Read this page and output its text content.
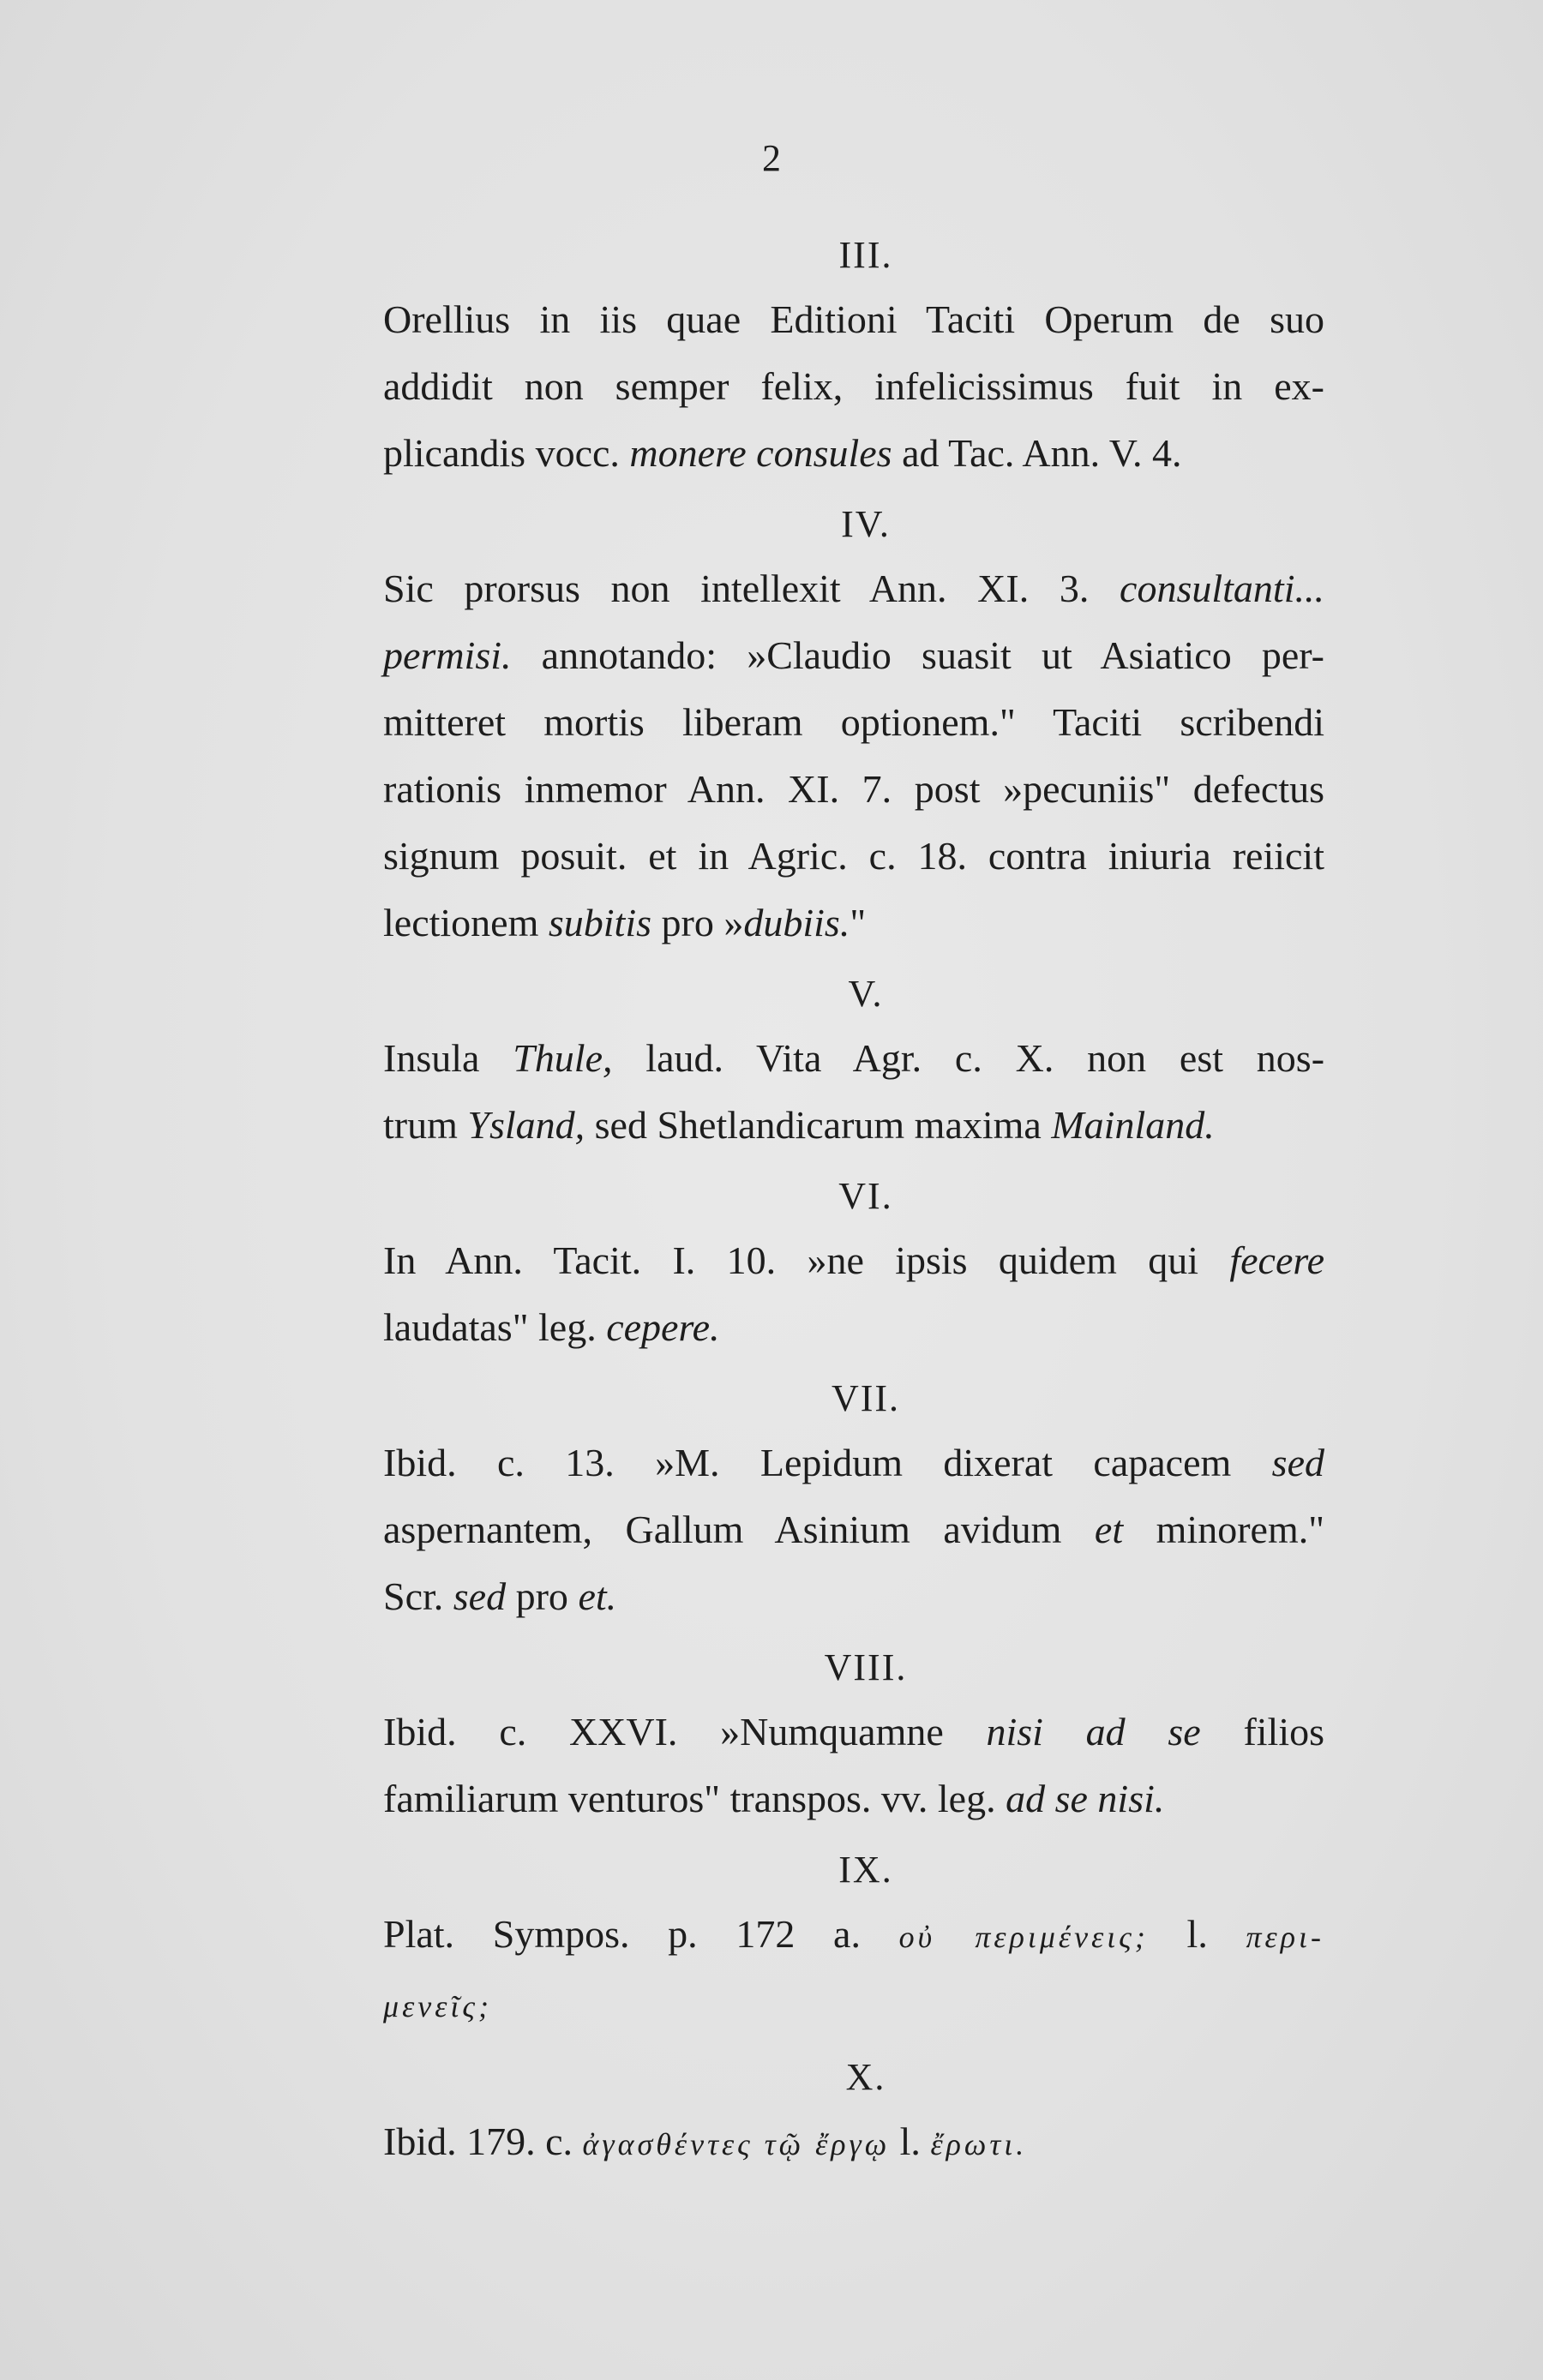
2
III.
Orellius in iis quae Editioni Taciti Operum de suo
addidit non semper felix, infelicissimus fuit in ex-
plicandis vocc. monere consules ad Tac. Ann. V. 4.
IV.
Sic prorsus non intellexit Ann. XI. 3. consultanti...
permisi. annotando: »Claudio suasit ut Asiatico per-
mitteret mortis liberam optionem." Taciti scribendi
rationis inmemor Ann. XI. 7. post »pecuniis" defectus
signum posuit. et in Agric. c. 18. contra iniuria reiicit
lectionem subitis pro »dubiis."
V.
Insula Thule, laud. Vita Agr. c. X. non est nos-
trum Ysland, sed Shetlandicarum maxima Mainland.
VI.
In Ann. Tacit. I. 10. »ne ipsis quidem qui fecere
laudatas" leg. cepere.
VII.
Ibid. c. 13. »M. Lepidum dixerat capacem sed
aspernantem, Gallum Asinium avidum et minorem."
Scr. sed pro et.
VIII.
Ibid. c. XXVI. »Numquamne nisi ad se filios
familiarum venturos" transpos. vv. leg. ad se nisi.
IX.
Plat. Sympos. p. 172 a. οὐ περιμένεις; l. περι-
μενεῖς;
X.
Ibid. 179. c. ἀγασθέντες τῷ ἔργῳ l. ἔρωτι.
